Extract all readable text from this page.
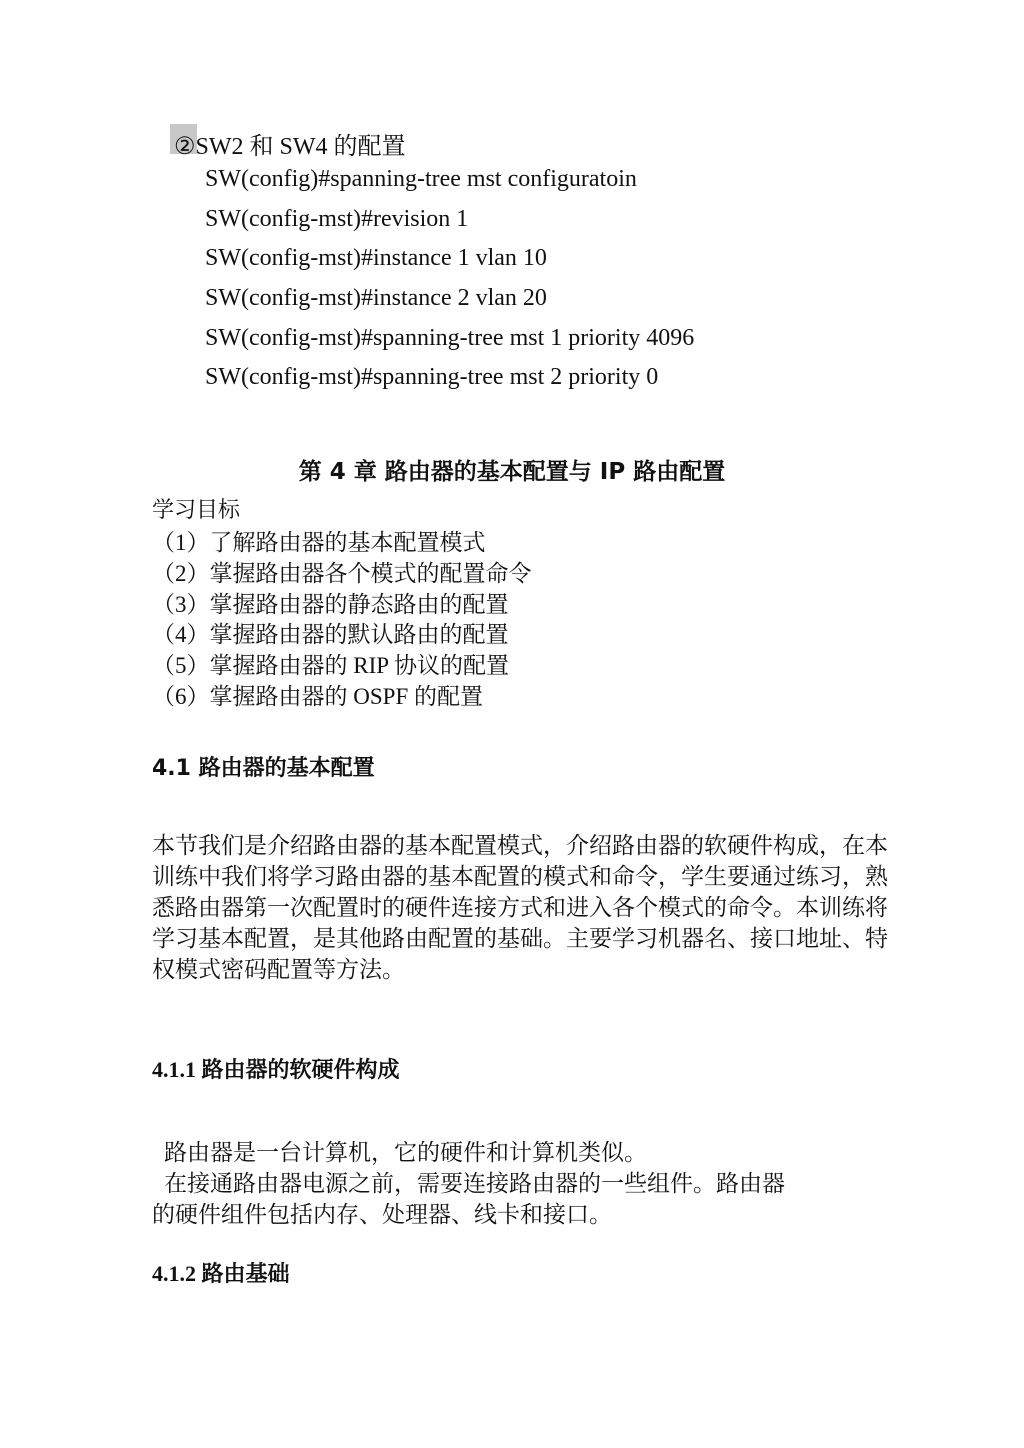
②SW2 和 SW4 的配置
SW(config)#spanning-tree mst configuratoin
SW(config-mst)#revision 1
SW(config-mst)#instance 1 vlan 10
SW(config-mst)#instance 2 vlan 20
SW(config-mst)#spanning-tree mst 1 priority 4096
SW(config-mst)#spanning-tree mst 2 priority 0
第 4 章 路由器的基本配置与 IP 路由配置
学习目标
（1）了解路由器的基本配置模式
（2）掌握路由器各个模式的配置命令
（3）掌握路由器的静态路由的配置
（4）掌握路由器的默认路由的配置
（5）掌握路由器的 RIP 协议的配置
（6）掌握路由器的 OSPF 的配置
4.1 路由器的基本配置
本节我们是介绍路由器的基本配置模式，介绍路由器的软硬件构成，在本训练中我们将学习路由器的基本配置的模式和命令，学生要通过练习，熟悉路由器第一次配置时的硬件连接方式和进入各个模式的命令。本训练将学习基本配置，是其他路由配置的基础。主要学习机器名、接口地址、特权模式密码配置等方法。
4.1.1 路由器的软硬件构成
路由器是一台计算机，它的硬件和计算机类似。
在接通路由器电源之前，需要连接路由器的一些组件。路由器
的硬件组件包括内存、处理器、线卡和接口。
4.1.2 路由基础
